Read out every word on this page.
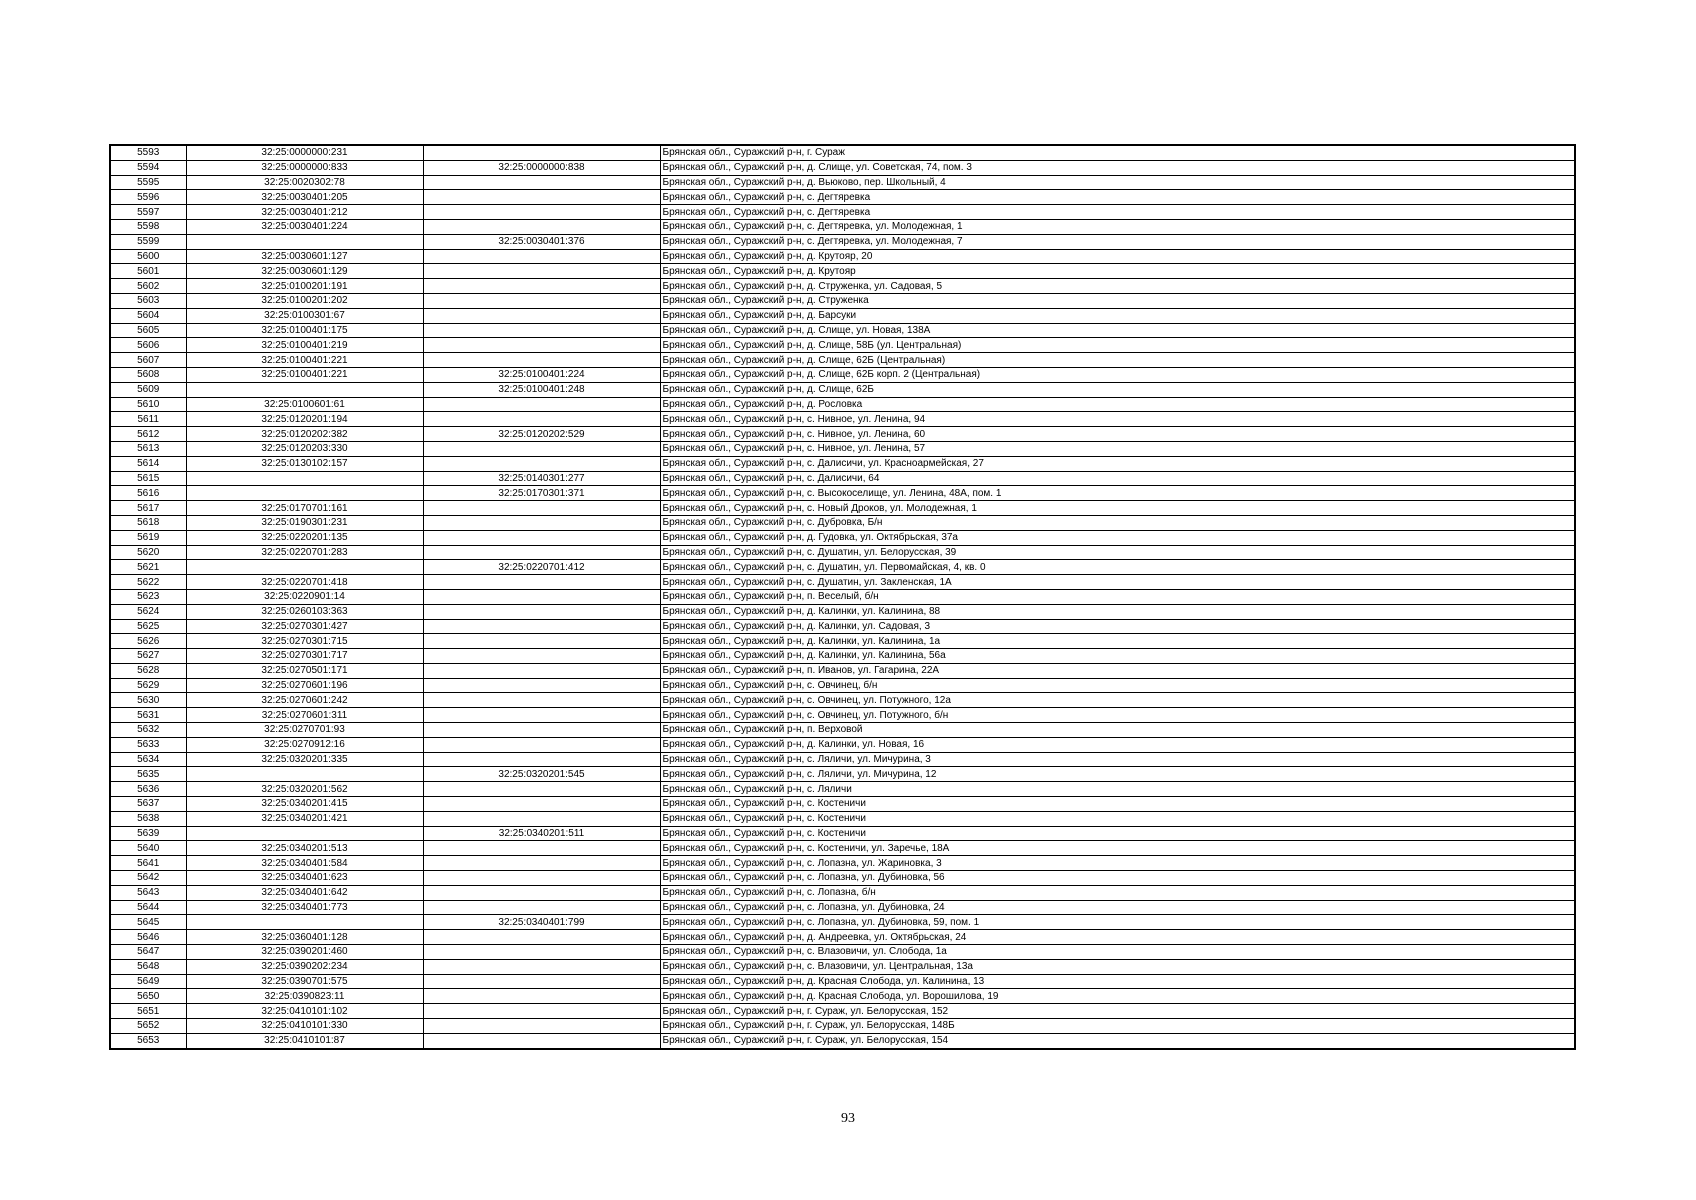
5593	32:25:0000000:231		Брянская обл., Суражский р-н, г. Сураж
5594	32:25:0000000:833	32:25:0000000:838	Брянская обл., Суражский р-н, д. Слище, ул. Советская, 74, пом. 3
5595	32:25:0020302:78		Брянская обл., Суражский р-н, д. Вьюково, пер. Школьный, 4
5596	32:25:0030401:205		Брянская обл., Суражский р-н, с. Дегтяревка
5597	32:25:0030401:212		Брянская обл., Суражский р-н, с. Дегтяревка
5598	32:25:0030401:224		Брянская обл., Суражский р-н, с. Дегтяревка, ул. Молодежная, 1
5599		32:25:0030401:376	Брянская обл., Суражский р-н, с. Дегтяревка, ул. Молодежная, 7
5600	32:25:0030601:127		Брянская обл., Суражский р-н, д. Крутояр, 20
5601	32:25:0030601:129		Брянская обл., Суражский р-н, д. Крутояр
5602	32:25:0100201:191		Брянская обл., Суражский р-н, д. Струженка, ул. Садовая, 5
5603	32:25:0100201:202		Брянская обл., Суражский р-н, д. Струженка
5604	32:25:0100301:67		Брянская обл., Суражский р-н, д. Барсуки
5605	32:25:0100401:175		Брянская обл., Суражский р-н, д. Слище, ул. Новая, 138А
5606	32:25:0100401:219		Брянская обл., Суражский р-н, д. Слище, 58Б (ул. Центральная)
5607	32:25:0100401:221		Брянская обл., Суражский р-н, д. Слище, 62Б (Центральная)
5608	32:25:0100401:221	32:25:0100401:224	Брянская обл., Суражский р-н, д. Слище, 62Б корп. 2 (Центральная)
5609		32:25:0100401:248	Брянская обл., Суражский р-н, д. Слище, 62Б
5610	32:25:0100601:61		Брянская обл., Суражский р-н, д. Рословка
5611	32:25:0120201:194		Брянская обл., Суражский р-н, с. Нивное, ул. Ленина, 94
5612	32:25:0120202:382	32:25:0120202:529	Брянская обл., Суражский р-н, с. Нивное, ул. Ленина, 60
5613	32:25:0120203:330		Брянская обл., Суражский р-н, с. Нивное, ул. Ленина, 57
5614	32:25:0130102:157		Брянская обл., Суражский р-н, с. Далисичи, ул. Красноармейская, 27
5615		32:25:0140301:277	Брянская обл., Суражский р-н, с. Далисичи, 64
5616		32:25:0170301:371	Брянская обл., Суражский р-н, с. Высокоселище, ул. Ленина, 48А, пом. 1
5617	32:25:0170701:161		Брянская обл., Суражский р-н, с. Новый Дроков, ул. Молодежная, 1
5618	32:25:0190301:231		Брянская обл., Суражский р-н, с. Дубровка, Б/н
5619	32:25:0220201:135		Брянская обл., Суражский р-н, д. Гудовка, ул. Октябрьская, 37а
5620	32:25:0220701:283		Брянская обл., Суражский р-н, с. Душатин, ул. Белорусская, 39
5621		32:25:0220701:412	Брянская обл., Суражский р-н, с. Душатин, ул. Первомайская, 4, кв. 0
5622	32:25:0220701:418		Брянская обл., Суражский р-н, с. Душатин, ул. Закленская, 1А
5623	32:25:0220901:14		Брянская обл., Суражский р-н, п. Веселый, б/н
5624	32:25:0260103:363		Брянская обл., Суражский р-н, д. Калинки, ул. Калинина, 88
5625	32:25:0270301:427		Брянская обл., Суражский р-н, д. Калинки, ул. Садовая, 3
5626	32:25:0270301:715		Брянская обл., Суражский р-н, д. Калинки, ул. Калинина, 1а
5627	32:25:0270301:717		Брянская обл., Суражский р-н, д. Калинки, ул. Калинина, 56а
5628	32:25:0270501:171		Брянская обл., Суражский р-н, п. Иванов, ул. Гагарина, 22А
5629	32:25:0270601:196		Брянская обл., Суражский р-н, с. Овчинец, б/н
5630	32:25:0270601:242		Брянская обл., Суражский р-н, с. Овчинец, ул. Потужного, 12а
5631	32:25:0270601:311		Брянская обл., Суражский р-н, с. Овчинец, ул. Потужного, б/н
5632	32:25:0270701:93		Брянская обл., Суражский р-н, п. Верховой
5633	32:25:0270912:16		Брянская обл., Суражский р-н, д. Калинки, ул. Новая, 16
5634	32:25:0320201:335		Брянская обл., Суражский р-н, с. Ляличи, ул. Мичурина, 3
5635		32:25:0320201:545	Брянская обл., Суражский р-н, с. Ляличи, ул. Мичурина, 12
5636	32:25:0320201:562		Брянская обл., Суражский р-н, с. Ляличи
5637	32:25:0340201:415		Брянская обл., Суражский р-н, с. Костеничи
5638	32:25:0340201:421		Брянская обл., Суражский р-н, с. Костеничи
5639		32:25:0340201:511	Брянская обл., Суражский р-н, с. Костеничи
5640	32:25:0340201:513		Брянская обл., Суражский р-н, с. Костеничи, ул. Заречье, 18А
5641	32:25:0340401:584		Брянская обл., Суражский р-н, с. Лопазна, ул. Жариновка, 3
5642	32:25:0340401:623		Брянская обл., Суражский р-н, с. Лопазна, ул. Дубиновка, 56
5643	32:25:0340401:642		Брянская обл., Суражский р-н, с. Лопазна, б/н
5644	32:25:0340401:773		Брянская обл., Суражский р-н, с. Лопазна, ул. Дубиновка, 24
5645		32:25:0340401:799	Брянская обл., Суражский р-н, с. Лопазна, ул. Дубиновка, 59, пом. 1
5646	32:25:0360401:128		Брянская обл., Суражский р-н, д. Андреевка, ул. Октябрьская, 24
5647	32:25:0390201:460		Брянская обл., Суражский р-н, с. Влазовичи, ул. Слобода, 1а
5648	32:25:0390202:234		Брянская обл., Суражский р-н, с. Влазовичи, ул. Центральная, 13а
5649	32:25:0390701:575		Брянская обл., Суражский р-н, д. Красная Слобода, ул. Калинина, 13
5650	32:25:0390823:11		Брянская обл., Суражский р-н, д. Красная Слобода, ул. Ворошилова, 19
5651	32:25:0410101:102		Брянская обл., Суражский р-н, г. Сураж, ул. Белорусская, 152
5652	32:25:0410101:330		Брянская обл., Суражский р-н, г. Сураж, ул. Белорусская, 148Б
5653	32:25:0410101:87		Брянская обл., Суражский р-н, г. Сураж, ул. Белорусская, 154
93
